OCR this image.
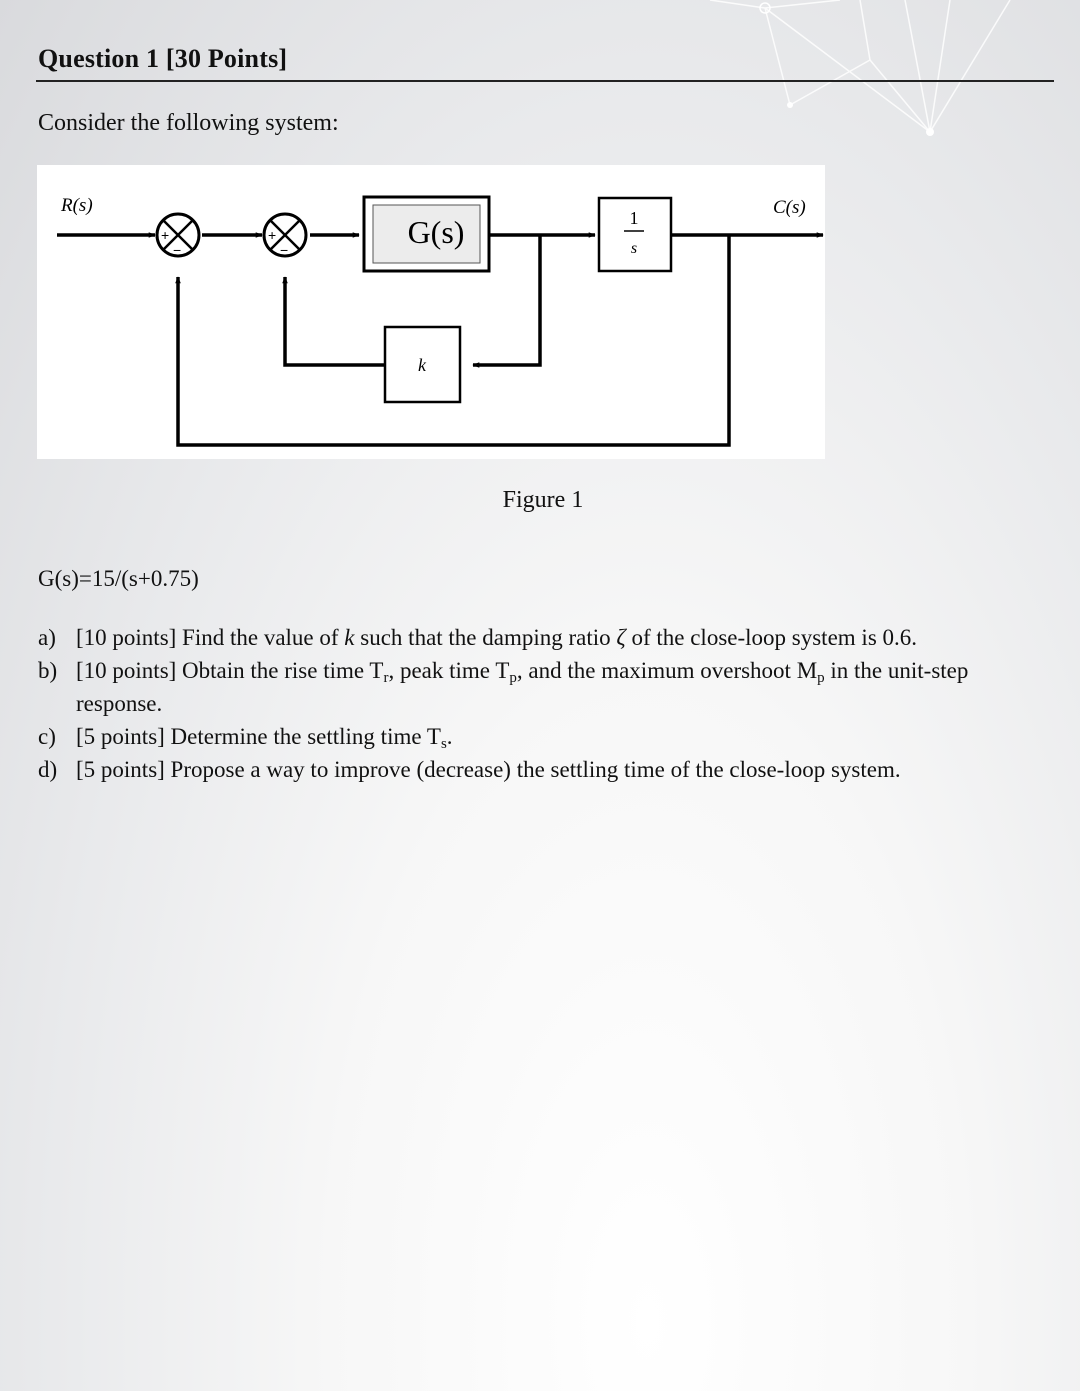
Question 1 [30 Points]
Consider the following system:
+
−
+
−	G(s)	1
s
k
R(s)	C(s)
Figure 1
G(s)=15/(s+0.75)
a) [10 points] Find the value of k such that the damping ratio ζ of the close-loop system is 0.6.
b) [10 points] Obtain the rise time $T_r$, peak time $T_p$, and the maximum overshoot $M_p$ in the unit-step response.
c) [5 points] Determine the settling time $T_s$.
d) [5 points] Propose a way to improve (decrease) the settling time of the close-loop system.
